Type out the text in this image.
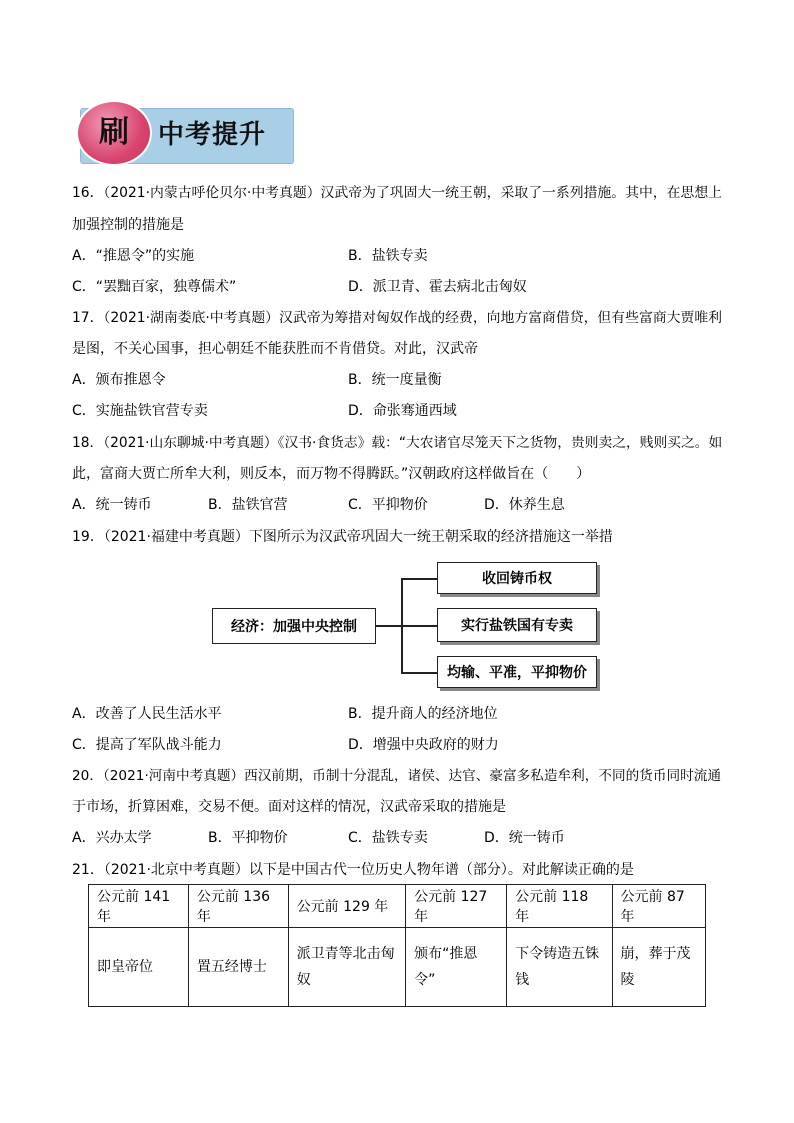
刷	中考提升
16．（2021·内蒙古呼伦贝尔·中考真题）汉武帝为了巩固大一统王朝，采取了一系列措施。其中，在思想上
加强控制的措施是
A．“推恩令”的实施	B．盐铁专卖
C．“罢黜百家，独尊儒术”	D．派卫青、霍去病北击匈奴
17．（2021·湖南娄底·中考真题）汉武帝为筹措对匈奴作战的经费，向地方富商借贷，但有些富商大贾唯利
是图，不关心国事，担心朝廷不能获胜而不肯借贷。对此，汉武帝
A．颁布推恩令	B．统一度量衡
C．实施盐铁官营专卖	D．命张骞通西域
18．（2021·山东聊城·中考真题）《汉书·食货志》载：“大农诸官尽笼天下之货物，贵则卖之，贱则买之。如
此，富商大贾亡所牟大利，则反本，而万物不得腾跃。”汉朝政府这样做旨在（　　）
A．统一铸币	B．盐铁官营	C．平抑物价	D．休养生息
19．（2021·福建中考真题）下图所示为汉武帝巩固大一统王朝采取的经济措施这一举措
经济：加强中央控制
收回铸币权
实行盐铁国有专卖
均输、平准，平抑物价
A．改善了人民生活水平	B．提升商人的经济地位
C．提高了军队战斗能力	D．增强中央政府的财力
20．（2021·河南中考真题）西汉前期，币制十分混乱，诸侯、达官、豪富多私造牟利，不同的货币同时流通
于市场，折算困难，交易不便。面对这样的情况，汉武帝采取的措施是
A．兴办太学	B．平抑物价	C．盐铁专卖	D．统一铸币
21．（2021·北京中考真题）以下是中国古代一位历史人物年谱（部分）。对此解读正确的是
公元前 141 年	公元前 136 年	公元前 129 年	公元前 127 年	公元前 118 年	公元前 87 年
即皇帝位	置五经博士	派卫青等北击匈奴	颁布“推恩令”	下令铸造五铢钱	崩，葬于茂陵
